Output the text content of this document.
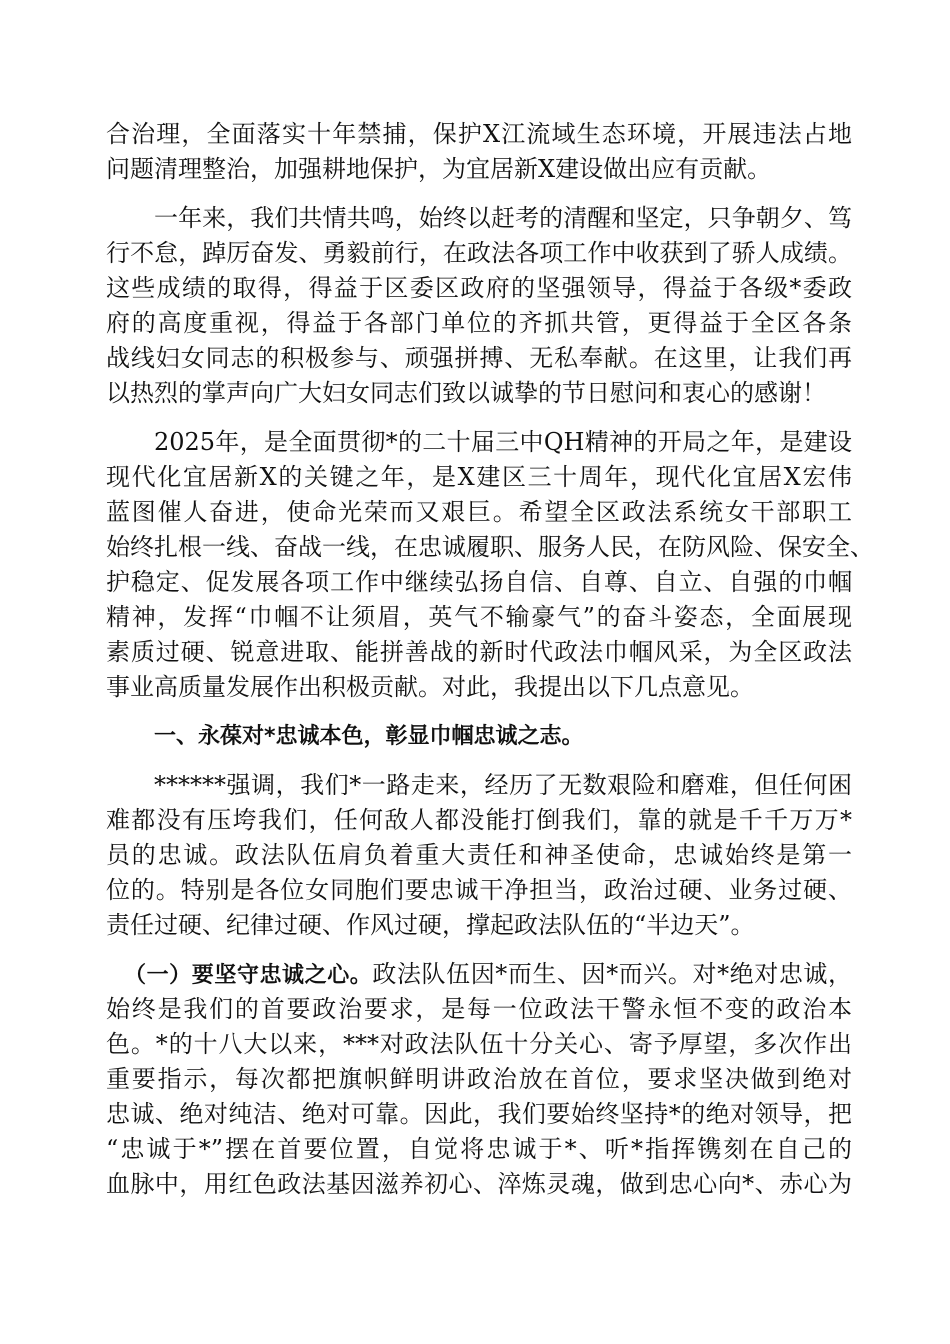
合治理，全面落实十年禁捕，保护X江流域生态环境，开展违法占地
问题清理整治，加强耕地保护，为宜居新X建设做出应有贡献。
一年来，我们共情共鸣，始终以赶考的清醒和坚定，只争朝夕、笃
行不怠，踔厉奋发、勇毅前行，在政法各项工作中收获到了骄人成绩。
这些成绩的取得，得益于区委区政府的坚强领导，得益于各级*委政
府的高度重视，得益于各部门单位的齐抓共管，更得益于全区各条
战线妇女同志的积极参与、顽强拼搏、无私奉献。在这里，让我们再
以热烈的掌声向广大妇女同志们致以诚挚的节日慰问和衷心的感谢！
2025年，是全面贯彻*的二十届三中QH精神的开局之年，是建设
现代化宜居新X的关键之年，是X建区三十周年，现代化宜居X宏伟
蓝图催人奋进，使命光荣而又艰巨。希望全区政法系统女干部职工
始终扎根一线、奋战一线，在忠诚履职、服务人民，在防风险、保安全、
护稳定、促发展各项工作中继续弘扬自信、自尊、自立、自强的巾帼
精神，发挥“巾帼不让须眉，英气不输豪气”的奋斗姿态，全面展现
素质过硬、锐意进取、能拼善战的新时代政法巾帼风采，为全区政法
事业高质量发展作出积极贡献。对此，我提出以下几点意见。
一、永葆对*忠诚本色，彰显巾帼忠诚之志。
******强调，我们*一路走来，经历了无数艰险和磨难，但任何困
难都没有压垮我们，任何敌人都没能打倒我们，靠的就是千千万万*
员的忠诚。政法队伍肩负着重大责任和神圣使命，忠诚始终是第一
位的。特别是各位女同胞们要忠诚干净担当，政治过硬、业务过硬、
责任过硬、纪律过硬、作风过硬，撑起政法队伍的“半边天”。
（一）要坚守忠诚之心。政法队伍因*而生、因*而兴。对*绝对忠诚，
始终是我们的首要政治要求，是每一位政法干警永恒不变的政治本
色。*的十八大以来，***对政法队伍十分关心、寄予厚望，多次作出
重要指示，每次都把旗帜鲜明讲政治放在首位，要求坚决做到绝对
忠诚、绝对纯洁、绝对可靠。因此，我们要始终坚持*的绝对领导，把
“忠诚于*”摆在首要位置，自觉将忠诚于*、听*指挥镌刻在自己的
血脉中，用红色政法基因滋养初心、淬炼灵魂，做到忠心向*、赤心为
